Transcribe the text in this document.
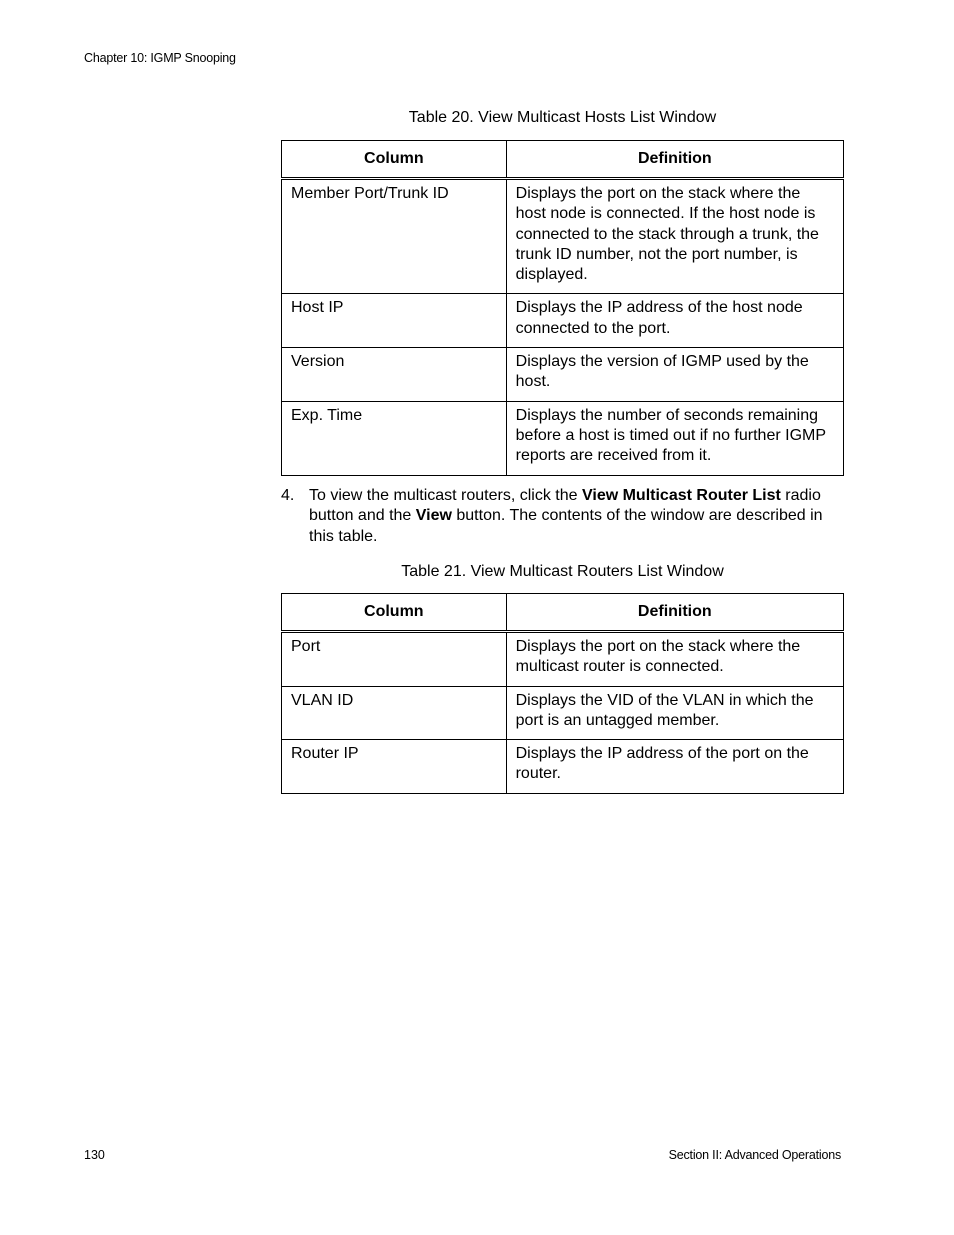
Chapter 10: IGMP Snooping
Table 20. View Multicast Hosts List Window
Column	Definition
Member Port/Trunk ID	Displays the port on the stack where the host node is connected. If the host node is connected to the stack through a trunk, the trunk ID number, not the port number, is displayed.
Host IP	Displays the IP address of the host node connected to the port.
Version	Displays the version of IGMP used by the host.
Exp. Time	Displays the number of seconds remaining before a host is timed out if no further IGMP reports are received from it.
4. To view the multicast routers, click the View Multicast Router List radio button and the View button. The contents of the window are described in this table.
Table 21. View Multicast Routers List Window
Column	Definition
Port	Displays the port on the stack where the multicast router is connected.
VLAN ID	Displays the VID of the VLAN in which the port is an untagged member.
Router IP	Displays the IP address of the port on the router.
130	Section II: Advanced Operations
